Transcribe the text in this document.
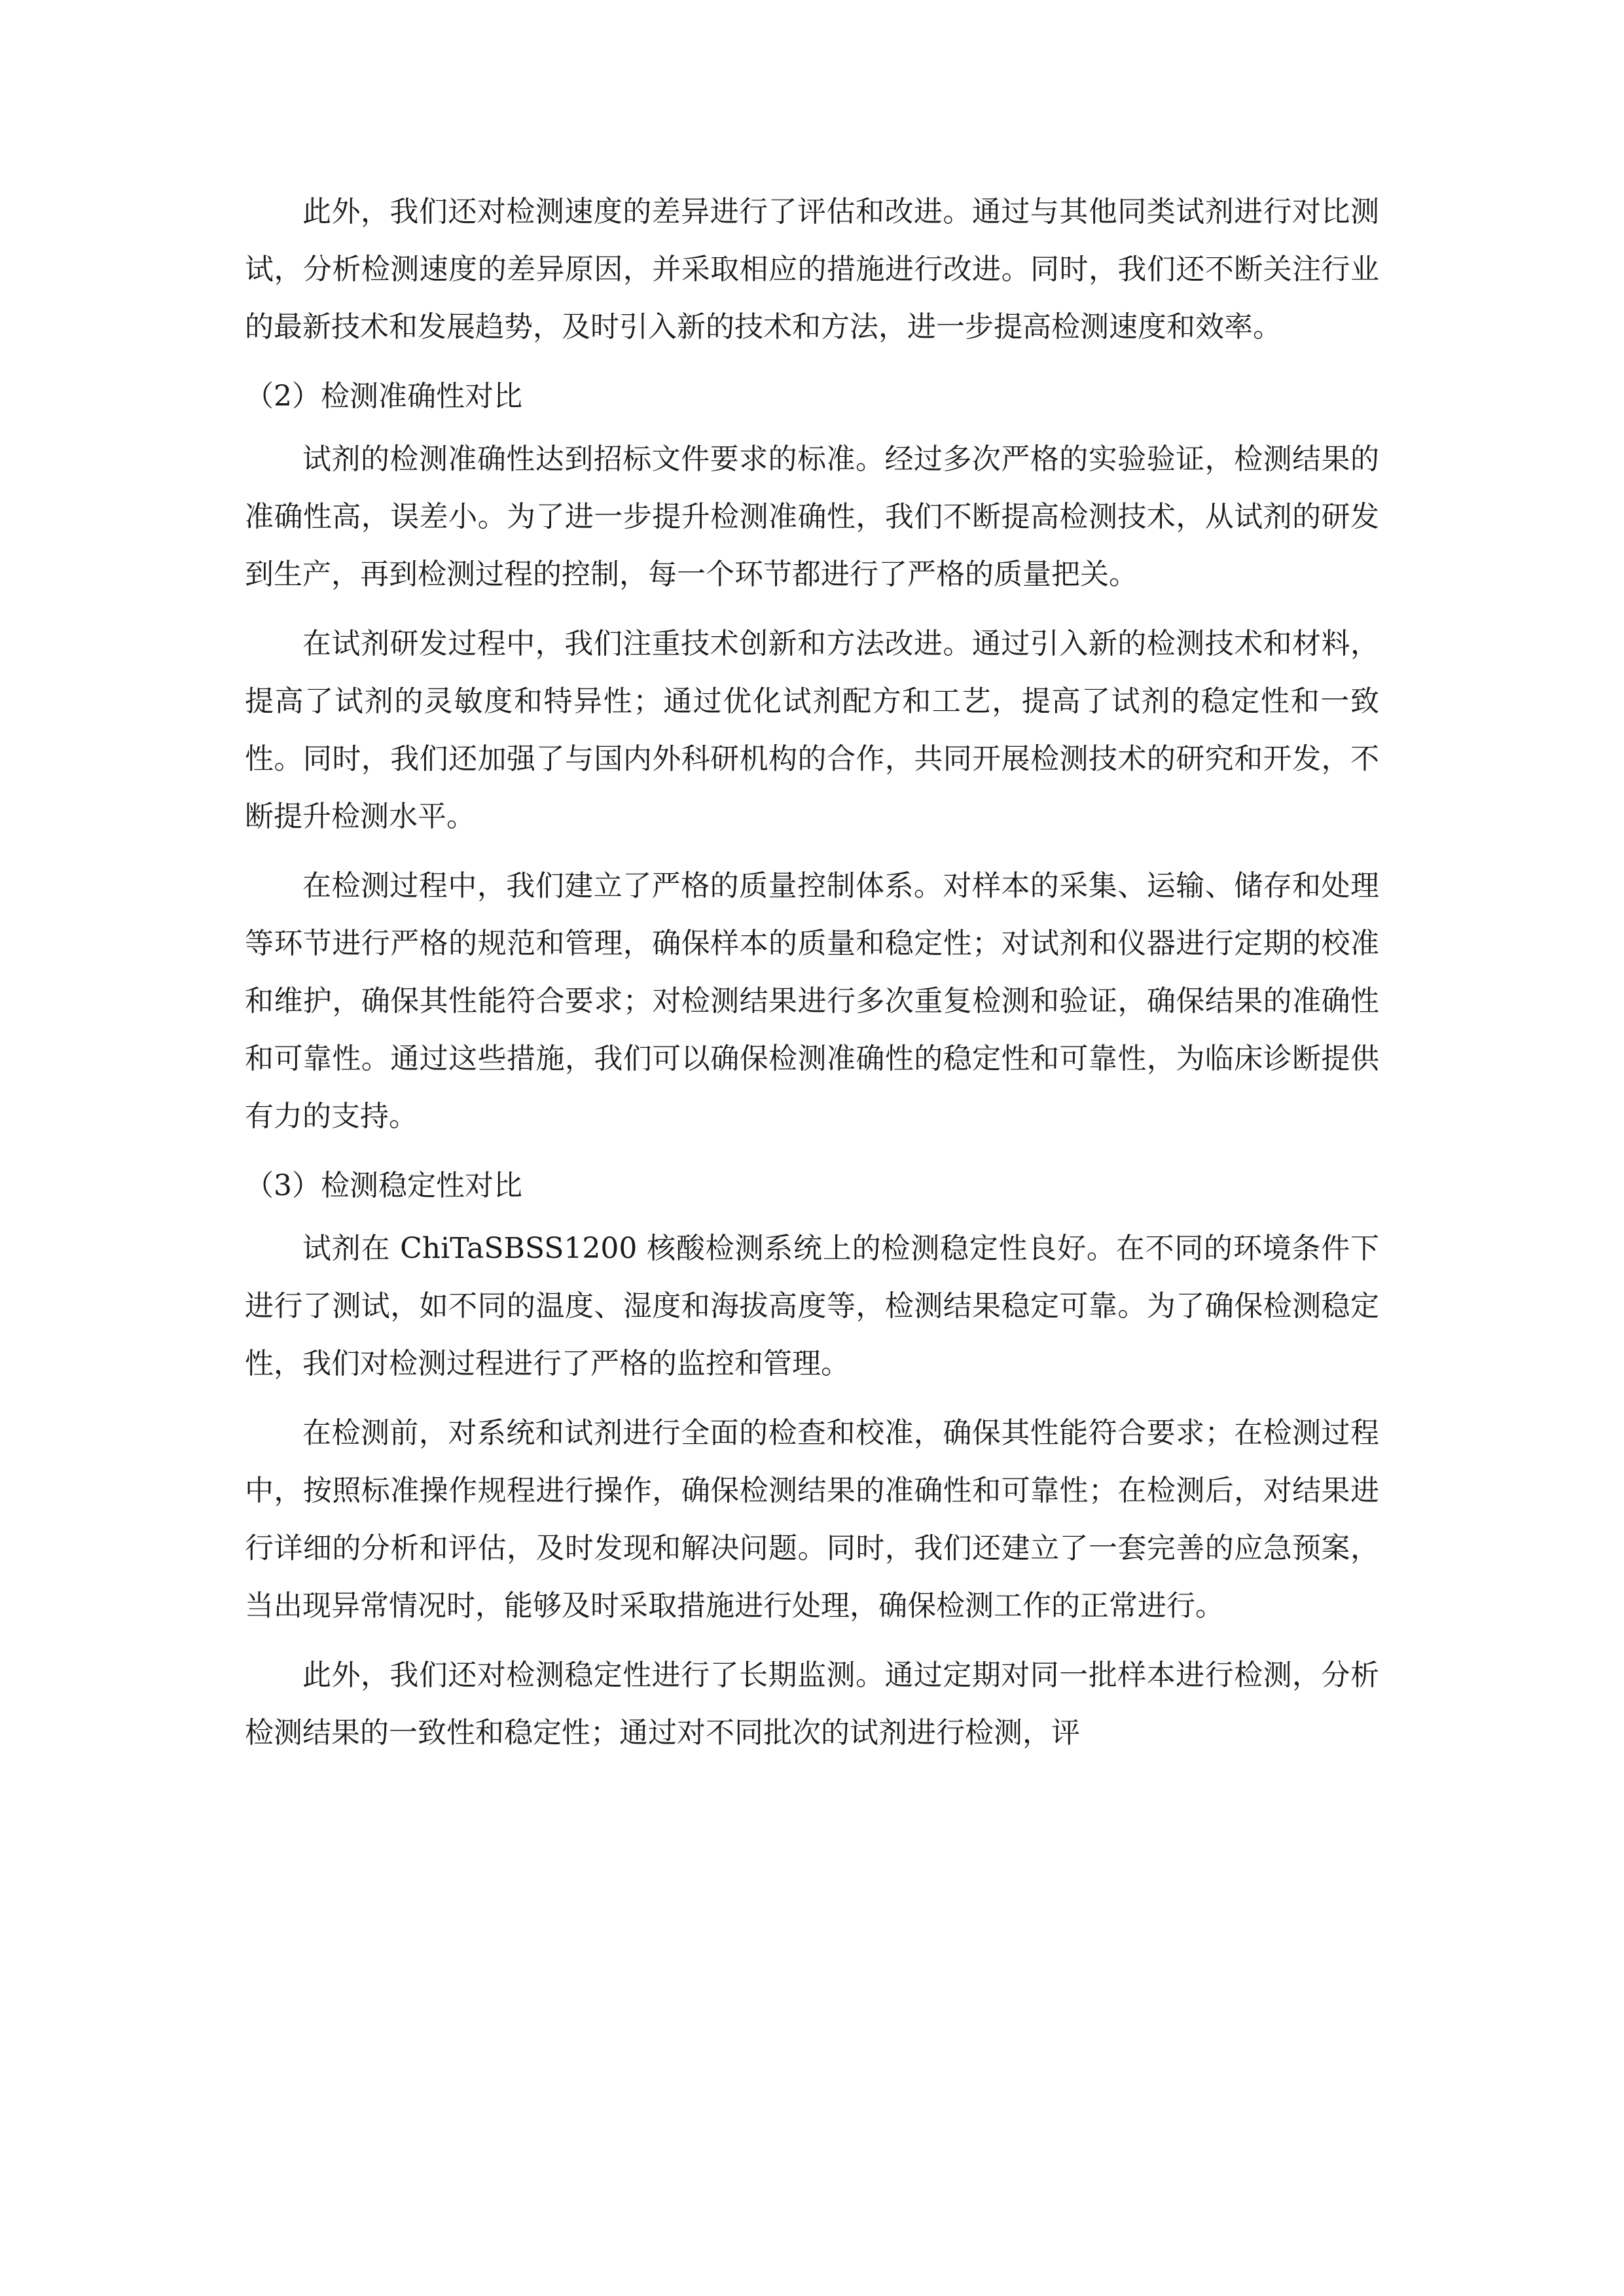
此外，我们还对检测速度的差异进行了评估和改进。通过与其他同类试剂进行对比测试，分析检测速度的差异原因，并采取相应的措施进行改进。同时，我们还不断关注行业的最新技术和发展趋势，及时引入新的技术和方法，进一步提高检测速度和效率。

（2）检测准确性对比

试剂的检测准确性达到招标文件要求的标准。经过多次严格的实验验证，检测结果的准确性高，误差小。为了进一步提升检测准确性，我们不断提高检测技术，从试剂的研发到生产，再到检测过程的控制，每一个环节都进行了严格的质量把关。

在试剂研发过程中，我们注重技术创新和方法改进。通过引入新的检测技术和材料，提高了试剂的灵敏度和特异性；通过优化试剂配方和工艺，提高了试剂的稳定性和一致性。同时，我们还加强了与国内外科研机构的合作，共同开展检测技术的研究和开发，不断提升检测水平。

在检测过程中，我们建立了严格的质量控制体系。对样本的采集、运输、储存和处理等环节进行严格的规范和管理，确保样本的质量和稳定性；对试剂和仪器进行定期的校准和维护，确保其性能符合要求；对检测结果进行多次重复检测和验证，确保结果的准确性和可靠性。通过这些措施，我们可以确保检测准确性的稳定性和可靠性，为临床诊断提供有力的支持。

（3）检测稳定性对比

试剂在 ChiTaSBSS1200 核酸检测系统上的检测稳定性良好。在不同的环境条件下进行了测试，如不同的温度、湿度和海拔高度等，检测结果稳定可靠。为了确保检测稳定性，我们对检测过程进行了严格的监控和管理。

在检测前，对系统和试剂进行全面的检查和校准，确保其性能符合要求；在检测过程中，按照标准操作规程进行操作，确保检测结果的准确性和可靠性；在检测后，对结果进行详细的分析和评估，及时发现和解决问题。同时，我们还建立了一套完善的应急预案，当出现异常情况时，能够及时采取措施进行处理，确保检测工作的正常进行。

此外，我们还对检测稳定性进行了长期监测。通过定期对同一批样本进行检测，分析检测结果的一致性和稳定性；通过对不同批次的试剂进行检测，评
